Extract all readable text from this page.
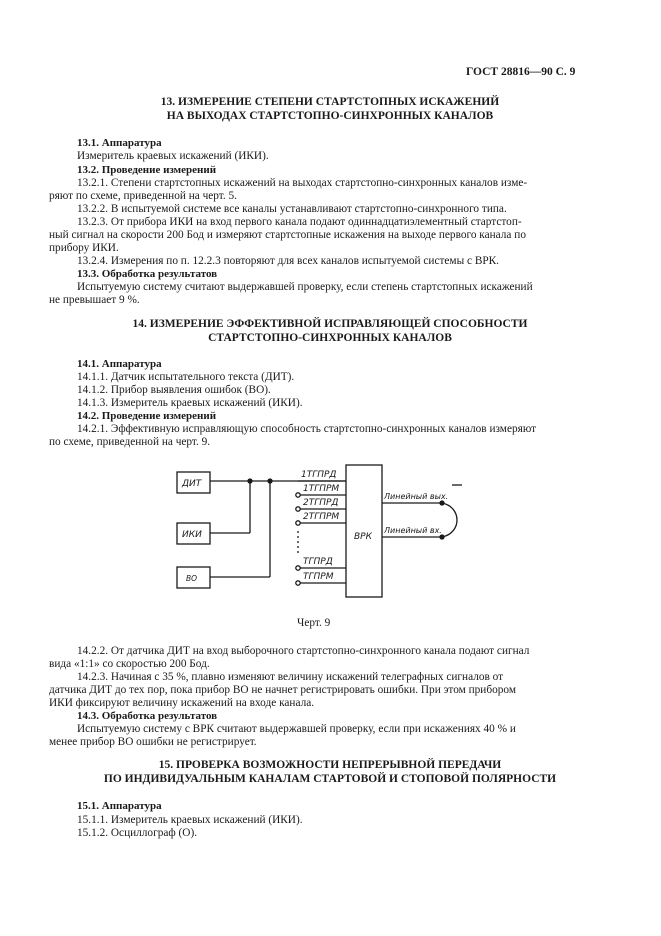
ГОСТ 28816—90 С. 9
13. ИЗМЕРЕНИЕ СТЕПЕНИ СТАРТСТОПНЫХ ИСКАЖЕНИЙ
НА ВЫХОДАХ СТАРТСТОПНО-СИНХРОННЫХ КАНАЛОВ
13.1. Аппаратура
Измеритель краевых искажений (ИКИ).
13.2. Проведение измерений
13.2.1. Степени стартстопных искажений на выходах стартстопно-синхронных каналов изме-
ряют по схеме, приведенной на черт. 5.
13.2.2. В испытуемой системе все каналы устанавливают стартстопно-синхронного типа.
13.2.3. От прибора ИКИ на вход первого канала подают одиннадцатиэлементный стартстоп-
ный сигнал на скорости 200 Бод и измеряют стартстопные искажения на выходе первого канала по
прибору ИКИ.
13.2.4. Измерения по п. 12.2.3 повторяют для всех каналов испытуемой системы с ВРК.
13.3. Обработка результатов
Испытуемую систему считают выдержавшей проверку, если степень стартстопных искажений
не превышает 9 %.
14. ИЗМЕРЕНИЕ ЭФФЕКТИВНОЙ ИСПРАВЛЯЮЩЕЙ СПОСОБНОСТИ
СТАРТСТОПНО-СИНХРОННЫХ КАНАЛОВ
14.1. Аппаратура
14.1.1. Датчик испытательного текста (ДИТ).
14.1.2. Прибор выявления ошибок (ВО).
14.1.3. Измеритель краевых искажений (ИКИ).
14.2. Проведение измерений
14.2.1. Эффективную исправляющую способность стартстопно-синхронных каналов измеряют
по схеме, приведенной на черт. 9.
ДИТ
ИКИ
ВО
ВРК
1ТГПРД
1ТГПРМ
2ТГПРД
2ТГПРМ
ТГПРД
ТГПРМ
Линейный вых.
Линейный вх.
Черт. 9
14.2.2. От датчика ДИТ на вход выборочного стартстопно-синхронного канала подают сигнал
вида «1:1» со скоростью 200 Бод.
14.2.3. Начиная с 35 %, плавно изменяют величину искажений телеграфных сигналов от
датчика ДИТ до тех пор, пока прибор ВО не начнет регистрировать ошибки. При этом прибором
ИКИ фиксируют величину искажений на входе канала.
14.3. Обработка результатов
Испытуемую систему с ВРК считают выдержавшей проверку, если при искажениях 40 % и
менее прибор ВО ошибки не регистрирует.
15. ПРОВЕРКА ВОЗМОЖНОСТИ НЕПРЕРЫВНОЙ ПЕРЕДАЧИ
ПО ИНДИВИДУАЛЬНЫМ КАНАЛАМ СТАРТОВОЙ И СТОПОВОЙ ПОЛЯРНОСТИ
15.1. Аппаратура
15.1.1. Измеритель краевых искажений (ИКИ).
15.1.2. Осциллограф (О).
